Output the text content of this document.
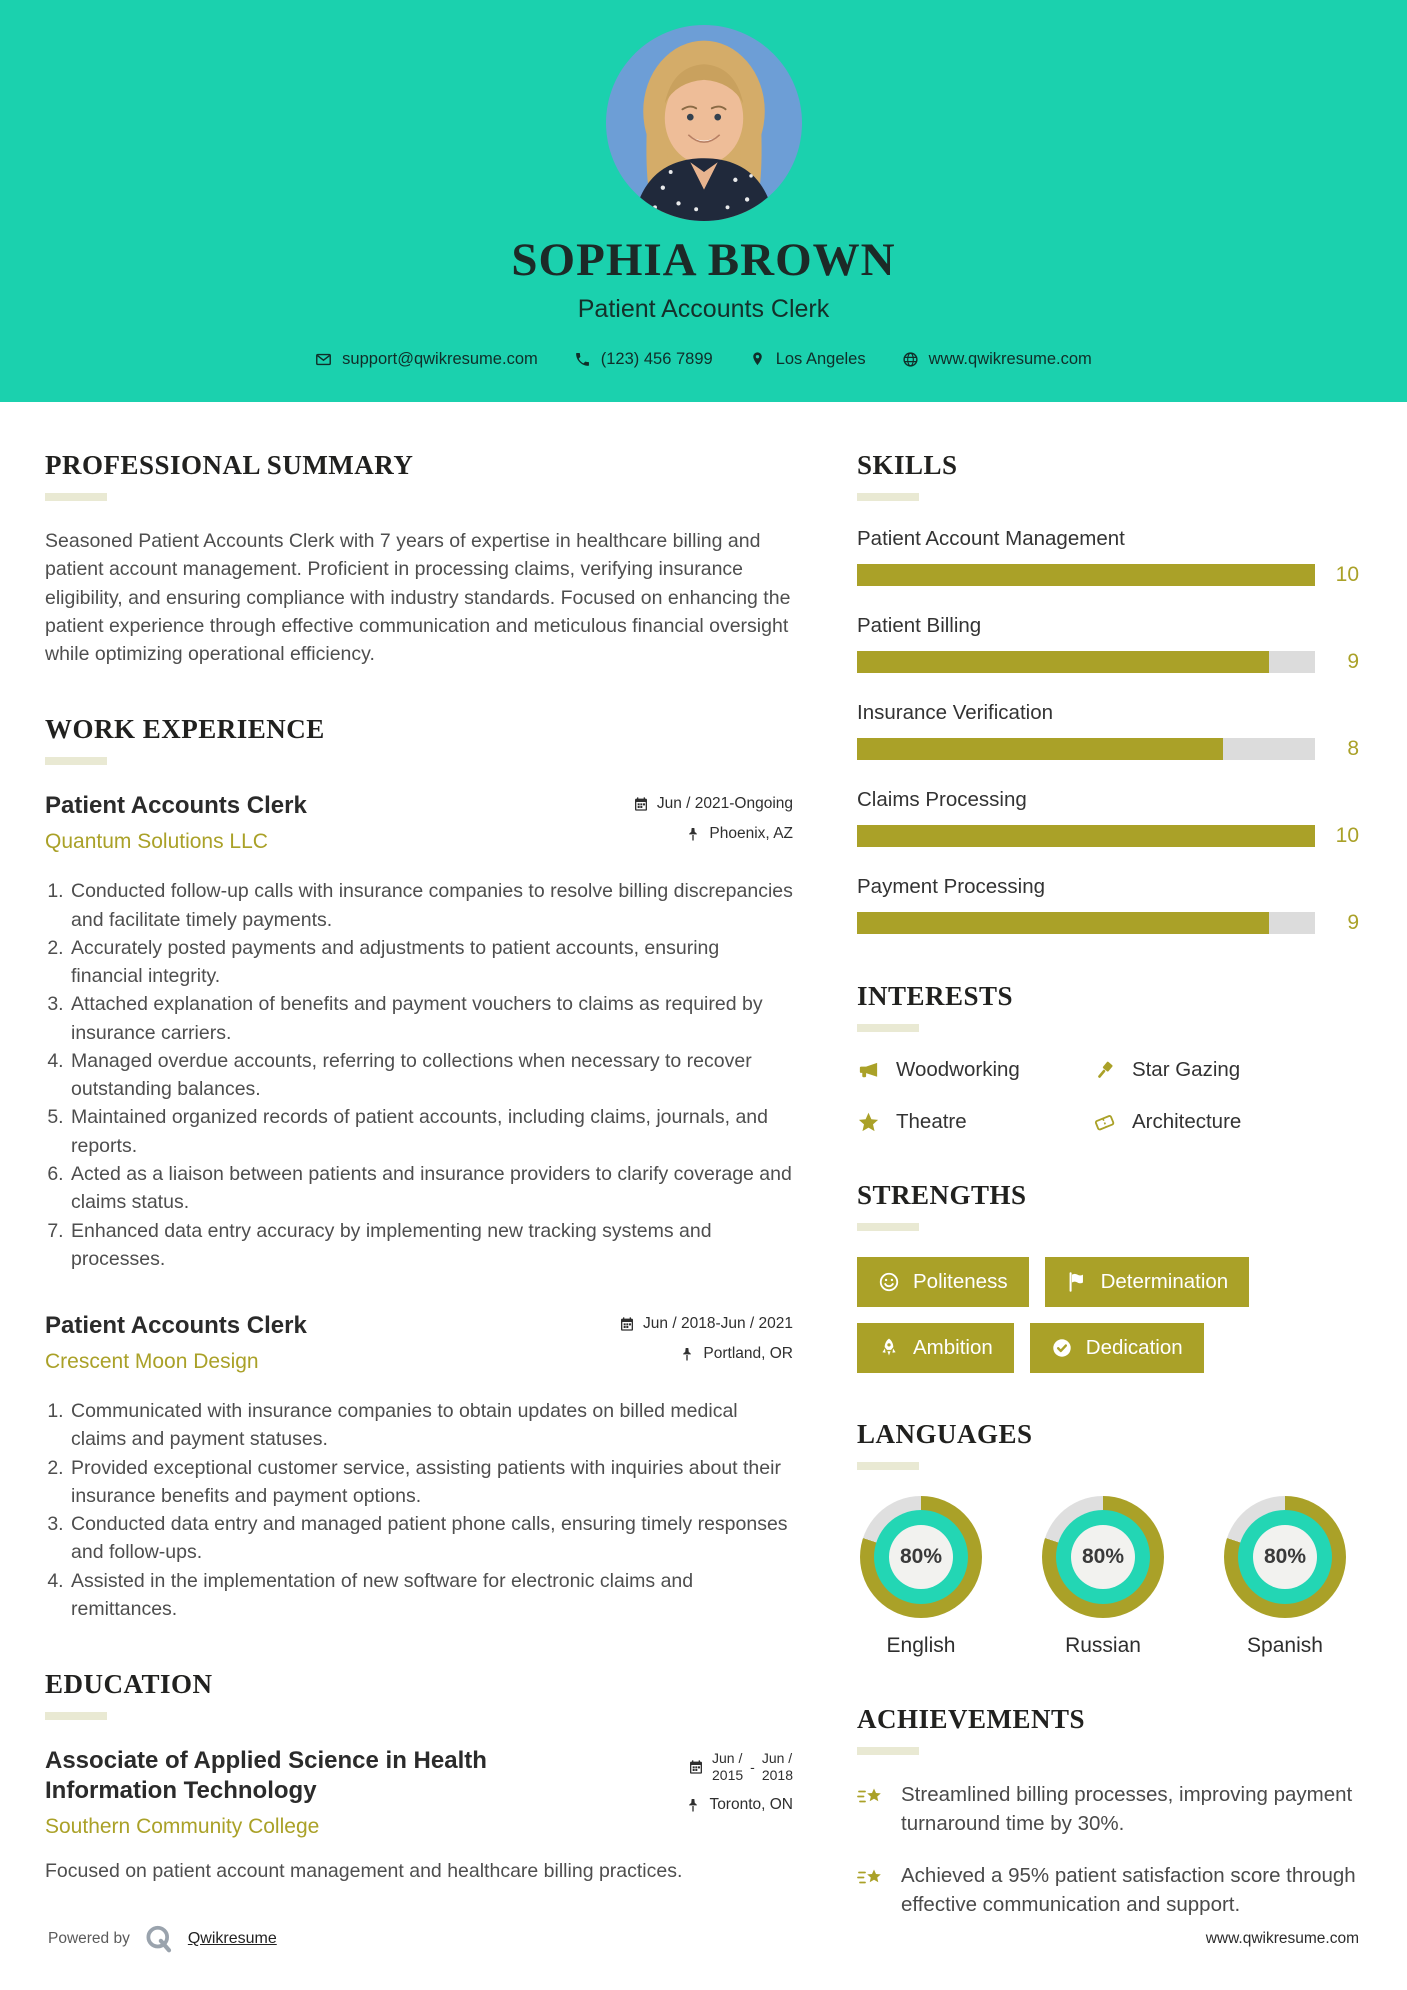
SOPHIA BROWN
Patient Accounts Clerk
support@qwikresume.com	(123) 456 7899	Los Angeles	www.qwikresume.com
PROFESSIONAL SUMMARY

Seasoned Patient Accounts Clerk with 7 years of expertise in healthcare billing and patient account management. Proficient in processing claims, verifying insurance eligibility, and ensuring compliance with industry standards. Focused on enhancing the patient experience through effective communication and meticulous financial oversight while optimizing operational efficiency.

WORK EXPERIENCE
Patient Accounts Clerk
Quantum Solutions LLC
Jun / 2021-Ongoing
Phoenix, AZ
1. Conducted follow-up calls with insurance companies to resolve billing discrepancies and facilitate timely payments.
2. Accurately posted payments and adjustments to patient accounts, ensuring financial integrity.
3. Attached explanation of benefits and payment vouchers to claims as required by insurance carriers.
4. Managed overdue accounts, referring to collections when necessary to recover outstanding balances.
5. Maintained organized records of patient accounts, including claims, journals, and reports.
6. Acted as a liaison between patients and insurance providers to clarify coverage and claims status.
7. Enhanced data entry accuracy by implementing new tracking systems and processes.
Patient Accounts Clerk
Crescent Moon Design
Jun / 2018-Jun / 2021
Portland, OR
1. Communicated with insurance companies to obtain updates on billed medical claims and payment statuses.
2. Provided exceptional customer service, assisting patients with inquiries about their insurance benefits and payment options.
3. Conducted data entry and managed patient phone calls, ensuring timely responses and follow-ups.
4. Assisted in the implementation of new software for electronic claims and remittances.
EDUCATION
Associate of Applied Science in Health Information Technology
Southern Community College
Jun /
2015
-
Jun /
2018
Toronto, ON

Focused on patient account management and healthcare billing practices.

SKILLS
Patient Account Management
10
Patient Billing
9
Insurance Verification
8
Claims Processing
10
Payment Processing
9
INTERESTS
Woodworking	Star Gazing
Theatre	Architecture
STRENGTHS
Politeness	Determination
Ambition	Dedication
LANGUAGES
80%
English
80%
Russian
80%
Spanish
ACHIEVEMENTS
Streamlined billing processes, improving payment turnaround time by 30%.
Achieved a 95% patient satisfaction score through effective communication and support.
Powered by	Qwikresume	www.qwikresume.com
